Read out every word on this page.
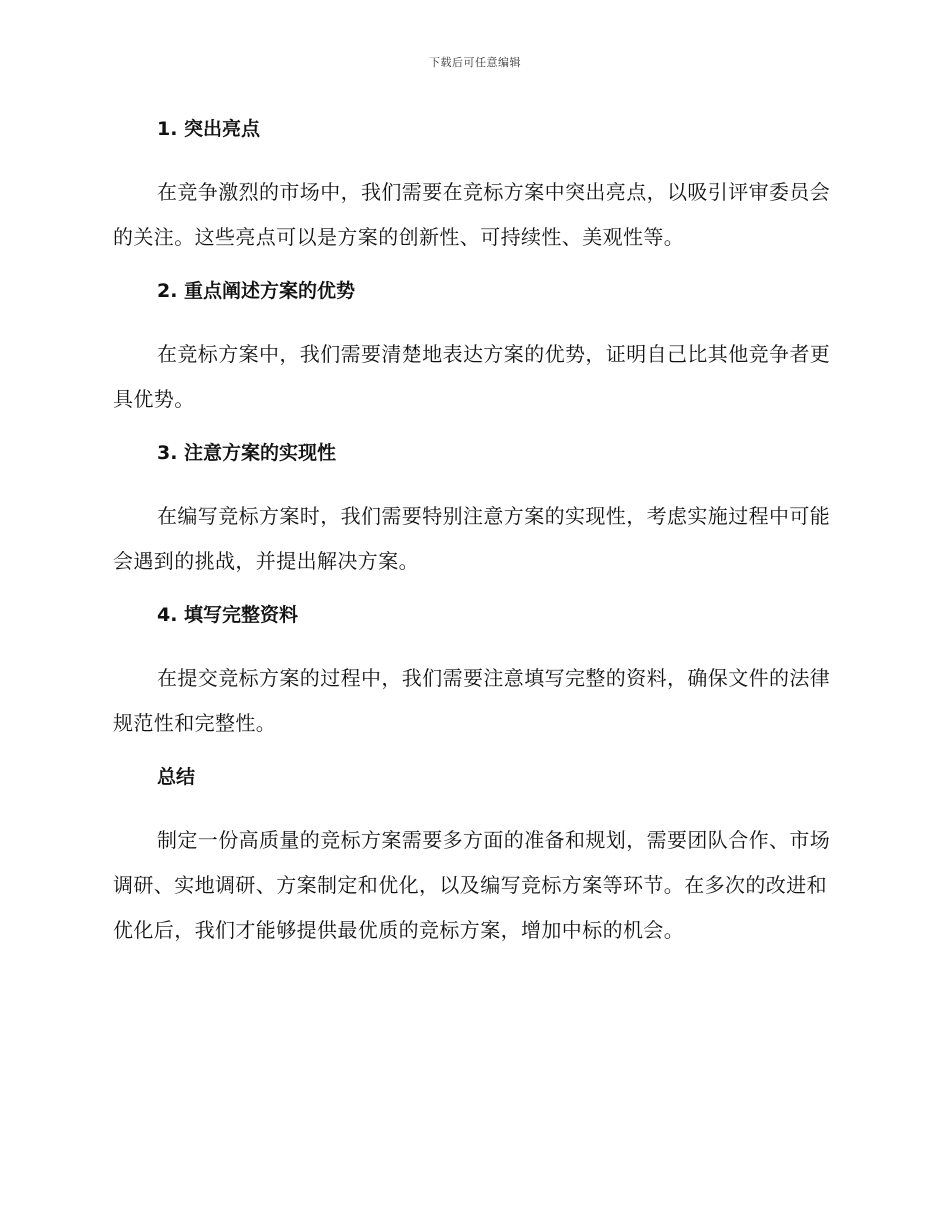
下载后可任意编辑
1. 突出亮点

在竞争激烈的市场中，我们需要在竞标方案中突出亮点，以吸引评审委员会的关注。这些亮点可以是方案的创新性、可持续性、美观性等。

2. 重点阐述方案的优势

在竞标方案中，我们需要清楚地表达方案的优势，证明自己比其他竞争者更具优势。

3. 注意方案的实现性

在编写竞标方案时，我们需要特别注意方案的实现性，考虑实施过程中可能会遇到的挑战，并提出解决方案。

4. 填写完整资料

在提交竞标方案的过程中，我们需要注意填写完整的资料，确保文件的法律规范性和完整性。

总结

制定一份高质量的竞标方案需要多方面的准备和规划，需要团队合作、市场调研、实地调研、方案制定和优化，以及编写竞标方案等环节。在多次的改进和优化后，我们才能够提供最优质的竞标方案，增加中标的机会。
